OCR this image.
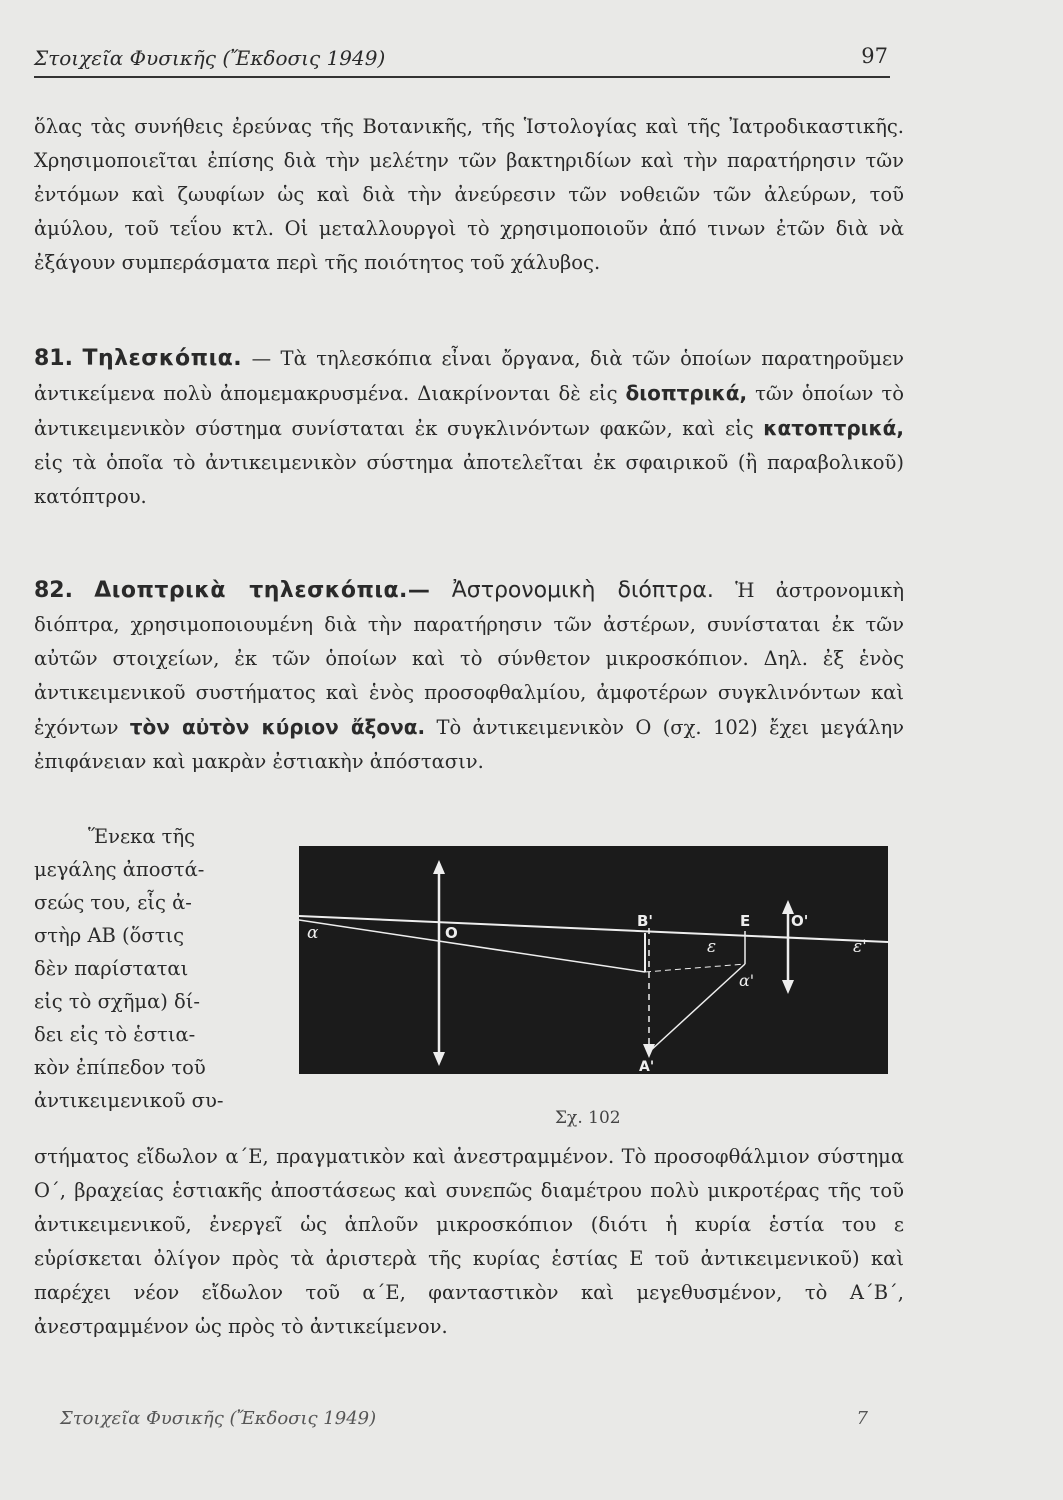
Στοιχεῖα Φυσικῆς (Ἔκδοσις 1949)	97

ὅλας τὰς συνήθεις ἐρεύνας τῆς Βοτανικῆς, τῆς Ἱστολογίας καὶ τῆς Ἰατροδικαστικῆς. Χρησιμοποιεῖται ἐπίσης διὰ τὴν μελέτην τῶν βακτηριδίων καὶ τὴν παρατήρησιν τῶν ἐντόμων καὶ ζωυφίων ὡς καὶ διὰ τὴν ἀνεύρεσιν τῶν νοθειῶν τῶν ἀλεύρων, τοῦ ἀμύλου, τοῦ τεΐου κτλ. Οἱ μεταλλουργοὶ τὸ χρησιμοποιοῦν ἀπό τινων ἐτῶν διὰ νὰ ἐξάγουν συμπεράσματα περὶ τῆς ποιότητος τοῦ χάλυβος.

81. Τηλεσκόπια. — Τὰ τηλεσκόπια εἶναι ὄργανα, διὰ τῶν ὁποίων παρατηροῦμεν ἀντικείμενα πολὺ ἀπομεμακρυσμένα. Διακρίνονται δὲ εἰς διοπτρικά, τῶν ὁποίων τὸ ἀντικειμενικὸν σύστημα συνίσταται ἐκ συγκλινόντων φακῶν, καὶ εἰς κατοπτρικά, εἰς τὰ ὁποῖα τὸ ἀντικειμενικὸν σύστημα ἀποτελεῖται ἐκ σφαιρικοῦ (ἢ παραβολικοῦ) κατόπτρου.

82. Διοπτρικὰ τηλεσκόπια.— Ἀστρονομικὴ διόπτρα. Ἡ ἀστρονομικὴ διόπτρα, χρησιμοποιουμένη διὰ τὴν παρατήρησιν τῶν ἀστέρων, συνίσταται ἐκ τῶν αὐτῶν στοιχείων, ἐκ τῶν ὁποίων καὶ τὸ σύνθετον μικροσκόπιον. Δηλ. ἐξ ἑνὸς ἀντικειμενικοῦ συστήματος καὶ ἑνὸς προσοφθαλμίου, ἀμφοτέρων συγκλινόντων καὶ ἐχόντων τὸν αὐτὸν κύριον ἄξονα. Τὸ ἀντικειμενικὸν Ο (σχ. 102) ἔχει μεγάλην ἐπιφάνειαν καὶ μακρὰν ἐστιακὴν ἀπόστασιν.

Ἕνεκα τῆς

μεγάλης ἀποστά-

σεώς του, εἷς ἀ-

στὴρ ΑΒ (ὅστις

δὲν παρίσταται

εἰς τὸ σχῆμα) δί-

δει εἰς τὸ ἑστια-

κὸν ἐπίπεδον τοῦ

ἀντικειμενικοῦ συ-

α	O
B'	E	O'
ε	ε'
α'
A'
Σχ. 102

στήματος εἴδωλον α΄Ε, πραγματικὸν καὶ ἀνεστραμμένον. Τὸ προσοφθάλμιον σύστημα Ο΄, βραχείας ἑστιακῆς ἀποστάσεως καὶ συνεπῶς διαμέτρου πολὺ μικροτέρας τῆς τοῦ ἀντικειμενικοῦ, ἐνεργεῖ ὡς ἁπλοῦν μικροσκόπιον (διότι ἡ κυρία ἑστία του ε εὑρίσκεται ὀλίγον πρὸς τὰ ἀριστερὰ τῆς κυρίας ἑστίας Ε τοῦ ἀντικειμενικοῦ) καὶ παρέχει νέον εἴδωλον τοῦ α΄Ε, φανταστικὸν καὶ μεγεθυσμένον, τὸ Α΄Β΄, ἀνεστραμμένον ὡς πρὸς τὸ ἀντικείμενον.

Στοιχεῖα Φυσικῆς (Ἔκδοσις 1949)	7
